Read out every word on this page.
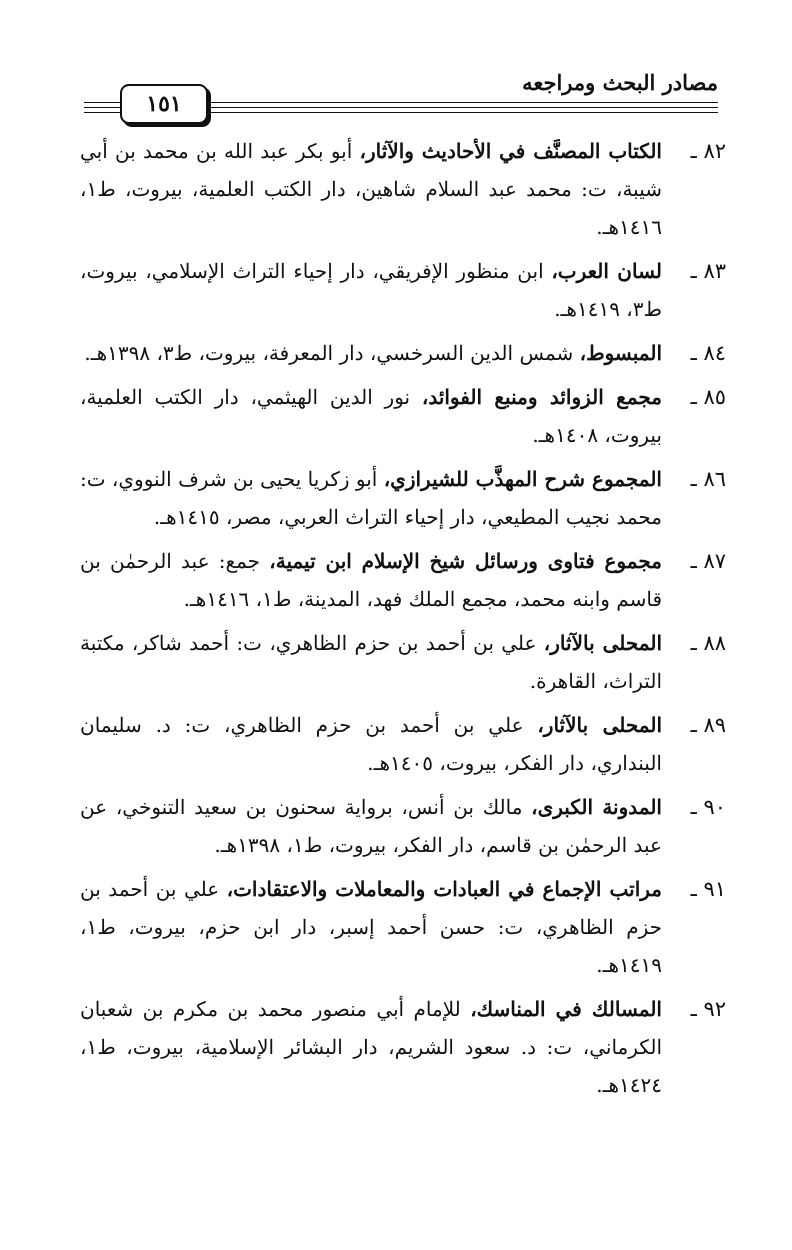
مصادر البحث ومراجعه
١٥١
٨٢ ـ
الكتاب المصنَّف في الأحاديث والآثار، أبو بكر عبد الله بن محمد بن أبي شيبة، ت: محمد عبد السلام شاهين، دار الكتب العلمية، بيروت، ط١، ١٤١٦هـ.
٨٣ ـ
لسان العرب، ابن منظور الإفريقي، دار إحياء التراث الإسلامي، بيروت، ط٣، ١٤١٩هـ.
٨٤ ـ
المبسوط، شمس الدين السرخسي، دار المعرفة، بيروت، ط٣، ١٣٩٨هـ.
٨٥ ـ
مجمع الزوائد ومنبع الفوائد، نور الدين الهيثمي، دار الكتب العلمية، بيروت، ١٤٠٨هـ.
٨٦ ـ
المجموع شرح المهذَّب للشيرازي، أبو زكريا يحيى بن شرف النووي، ت: محمد نجيب المطيعي، دار إحياء التراث العربي، مصر، ١٤١٥هـ.
٨٧ ـ
مجموع فتاوى ورسائل شيخ الإسلام ابن تيمية، جمع: عبد الرحمٰن بن قاسم وابنه محمد، مجمع الملك فهد، المدينة، ط١، ١٤١٦هـ.
٨٨ ـ
المحلى بالآثار، علي بن أحمد بن حزم الظاهري، ت: أحمد شاكر، مكتبة التراث، القاهرة.
٨٩ ـ
المحلى بالآثار، علي بن أحمد بن حزم الظاهري، ت: د. سليمان البنداري، دار الفكر، بيروت، ١٤٠٥هـ.
٩٠ ـ
المدونة الكبرى، مالك بن أنس، برواية سحنون بن سعيد التنوخي، عن عبد الرحمٰن بن قاسم، دار الفكر، بيروت، ط١، ١٣٩٨هـ.
٩١ ـ
مراتب الإجماع في العبادات والمعاملات والاعتقادات، علي بن أحمد بن حزم الظاهري، ت: حسن أحمد إسبر، دار ابن حزم، بيروت، ط١، ١٤١٩هـ.
٩٢ ـ
المسالك في المناسك، للإمام أبي منصور محمد بن مكرم بن شعبان الكرماني، ت: د. سعود الشريم، دار البشائر الإسلامية، بيروت، ط١، ١٤٢٤هـ.
